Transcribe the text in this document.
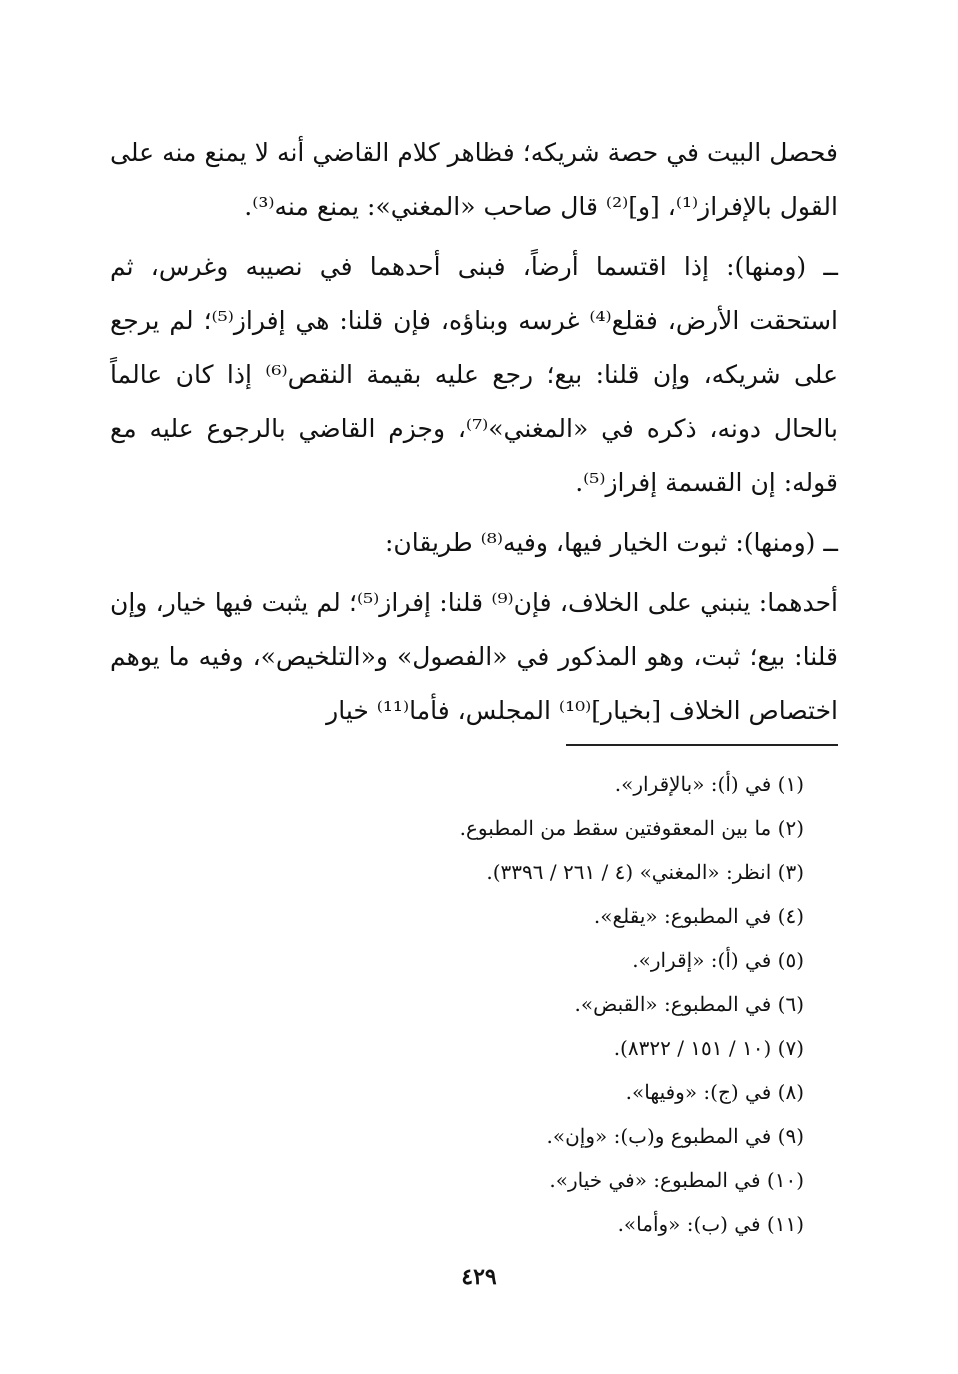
فحصل البيت في حصة شريكه؛ فظاهر كلام القاضي أنه لا يمنع منه على القول بالإفراز⁽¹⁾، [و]⁽²⁾ قال صاحب «المغني»: يمنع منه⁽³⁾.

ــ (ومنها): إذا اقتسما أرضاً، فبنى أحدهما في نصيبه وغرس، ثم استحقت الأرض، فقلع⁽⁴⁾ غرسه وبناؤه، فإن قلنا: هي إفراز⁽⁵⁾؛ لم يرجع على شريكه، وإن قلنا: بيع؛ رجع عليه بقيمة النقص⁽⁶⁾ إذا كان عالماً بالحال دونه، ذكره في «المغني»⁽⁷⁾، وجزم القاضي بالرجوع عليه مع قوله: إن القسمة إفراز⁽⁵⁾.

ــ (ومنها): ثبوت الخيار فيها، وفيه⁽⁸⁾ طريقان:

أحدهما: ينبني على الخلاف، فإن⁽⁹⁾ قلنا: إفراز⁽⁵⁾؛ لم يثبت فيها خيار، وإن قلنا: بيع؛ ثبت، وهو المذكور في «الفصول» و«التلخيص»، وفيه ما يوهم اختصاص الخلاف [بخيار]⁽¹⁰⁾ المجلس، فأما⁽¹¹⁾ خيار

(١) في (أ): «بالإقرار».
(٢) ما بين المعقوفتين سقط من المطبوع.
(٣) انظر: «المغني» (٤ / ٢٦١ / ٣٣٩٦).
(٤) في المطبوع: «يقلع».
(٥) في (أ): «إقرار».
(٦) في المطبوع: «القبض».
(٧) (١٠ / ١٥١ / ٨٣٢٢).
(٨) في (ج): «وفيها».
(٩) في المطبوع و(ب): «وإن».
(١٠) في المطبوع: «في خيار».
(١١) في (ب): «وأما».
٤٢٩
